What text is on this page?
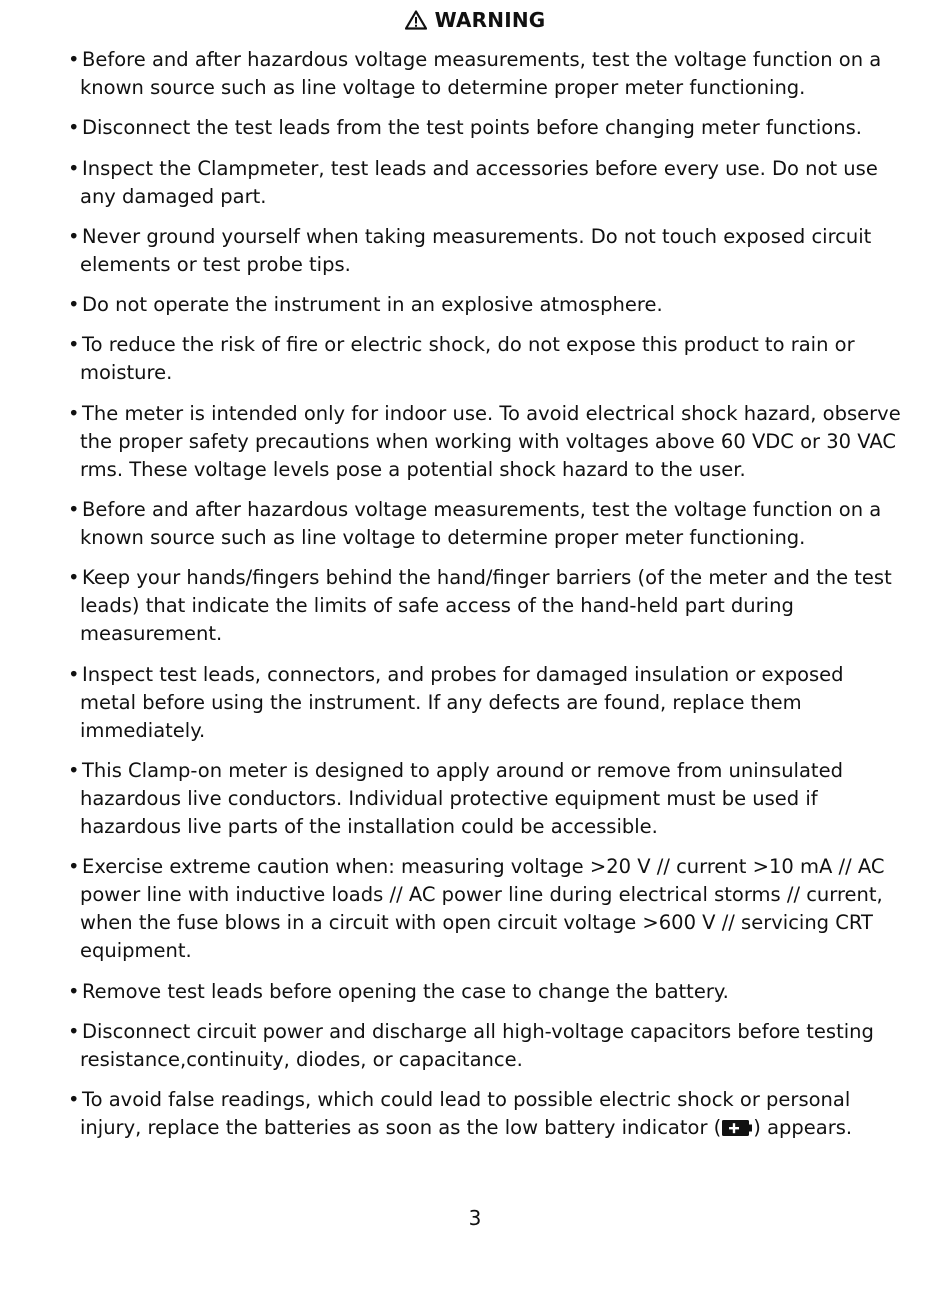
WARNING
• Before and after hazardous voltage measurements, test the voltage function on a known source such as line voltage to determine proper meter functioning.
• Disconnect the test leads from the test points before changing meter functions.
• Inspect the Clampmeter, test leads and accessories before every use. Do not use any damaged part.
• Never ground yourself when taking measurements. Do not touch exposed circuit elements or test probe tips.
• Do not operate the instrument in an explosive atmosphere.
• To reduce the risk of fire or electric shock, do not expose this product to rain or moisture.
• The meter is intended only for indoor use. To avoid electrical shock hazard, observe the proper safety precautions when working with voltages above 60 VDC or 30 VAC rms. These voltage levels pose a potential shock hazard to the user.
• Before and after hazardous voltage measurements, test the voltage function on a known source such as line voltage to determine proper meter functioning.
• Keep your hands/fingers behind the hand/finger barriers (of the meter and the test leads) that indicate the limits of safe access of the hand-held part during measurement.
• Inspect test leads, connectors, and probes for damaged insulation or exposed metal before using the instrument. If any defects are found, replace them immediately.
• This Clamp-on meter is designed to apply around or remove from uninsulated hazardous live conductors. Individual protective equipment must be used if hazardous live parts of the installation could be accessible.
• Exercise extreme caution when: measuring voltage >20 V // current >10 mA // AC power line with inductive loads // AC power line during electrical storms // current, when the fuse blows in a circuit with open circuit voltage >600 V // servicing CRT equipment.
• Remove test leads before opening the case to change the battery.
• Disconnect circuit power and discharge all high-voltage capacitors before testing resistance,continuity, diodes, or capacitance.
• To avoid false readings, which could lead to possible electric shock or personal injury, replace the batteries as soon as the low battery indicator ( ) appears.
3
